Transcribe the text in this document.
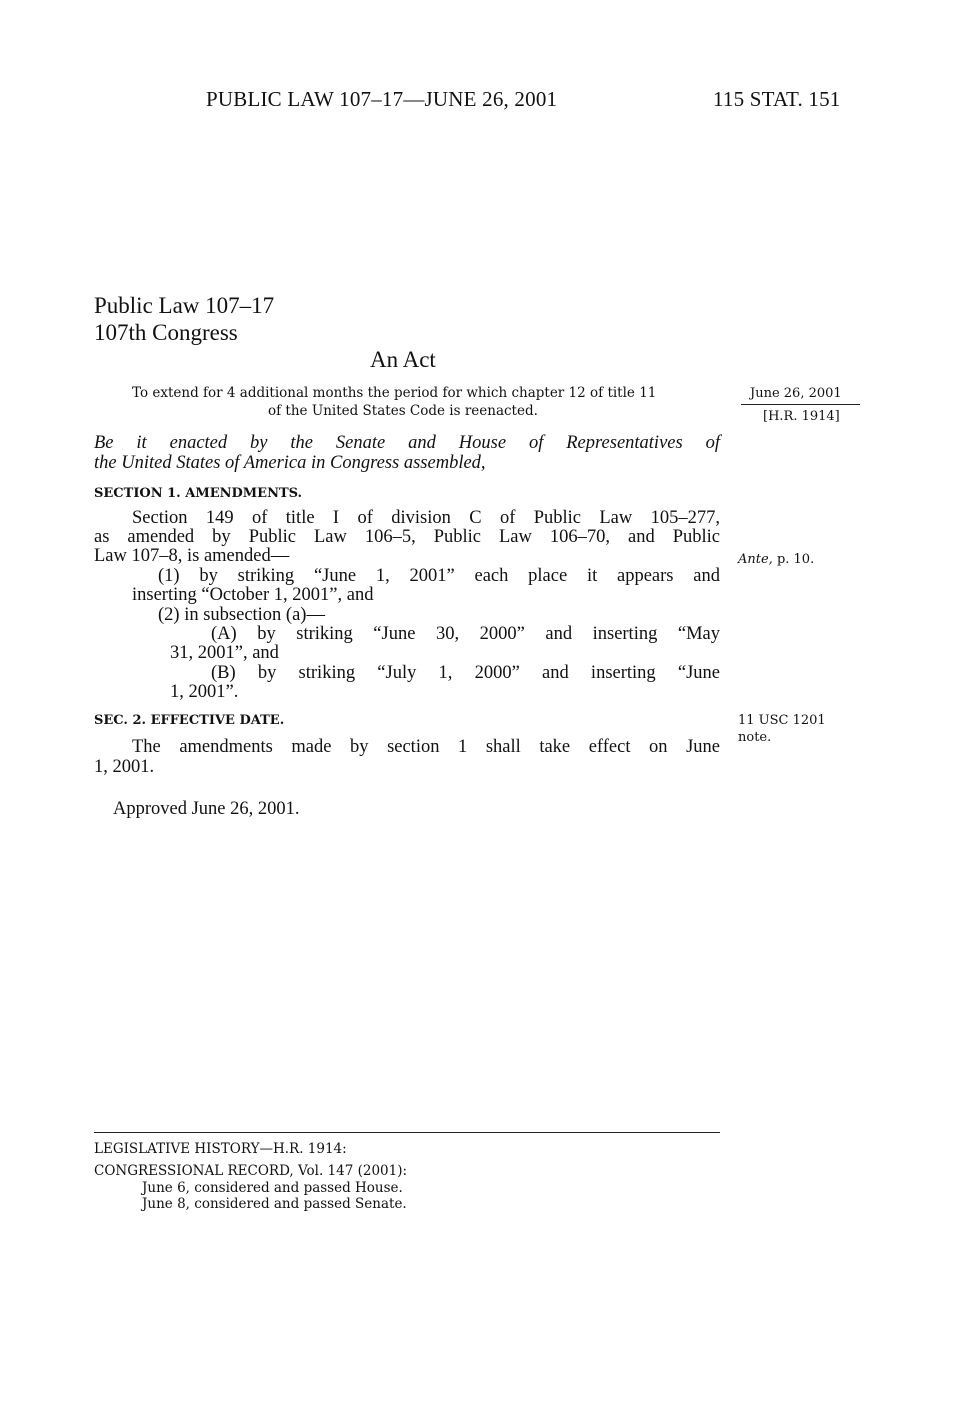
PUBLIC LAW 107–17—JUNE 26, 2001	115 STAT. 151
Public Law 107–17
107th Congress
An Act
To extend for 4 additional months the period for which chapter 12 of title 11
of the United States Code is reenacted.
June 26, 2001
[H.R. 1914]
Be it enacted by the Senate and House of Representatives of
the United States of America in Congress assembled,
SECTION 1. AMENDMENTS.
Section 149 of title I of division C of Public Law 105–277,
as amended by Public Law 106–5, Public Law 106–70, and Public
Law 107–8, is amended—	Ante, p. 10.
(1) by striking “June 1, 2001” each place it appears and
inserting “October 1, 2001”, and
(2) in subsection (a)—
(A) by striking “June 30, 2000” and inserting “May
31, 2001”, and
(B) by striking “July 1, 2000” and inserting “June
1, 2001”.
SEC. 2. EFFECTIVE DATE.	11 USC 1201
note.
The amendments made by section 1 shall take effect on June
1, 2001.
Approved June 26, 2001.
LEGISLATIVE HISTORY—H.R. 1914:
CONGRESSIONAL RECORD, Vol. 147 (2001):
June 6, considered and passed House.
June 8, considered and passed Senate.
